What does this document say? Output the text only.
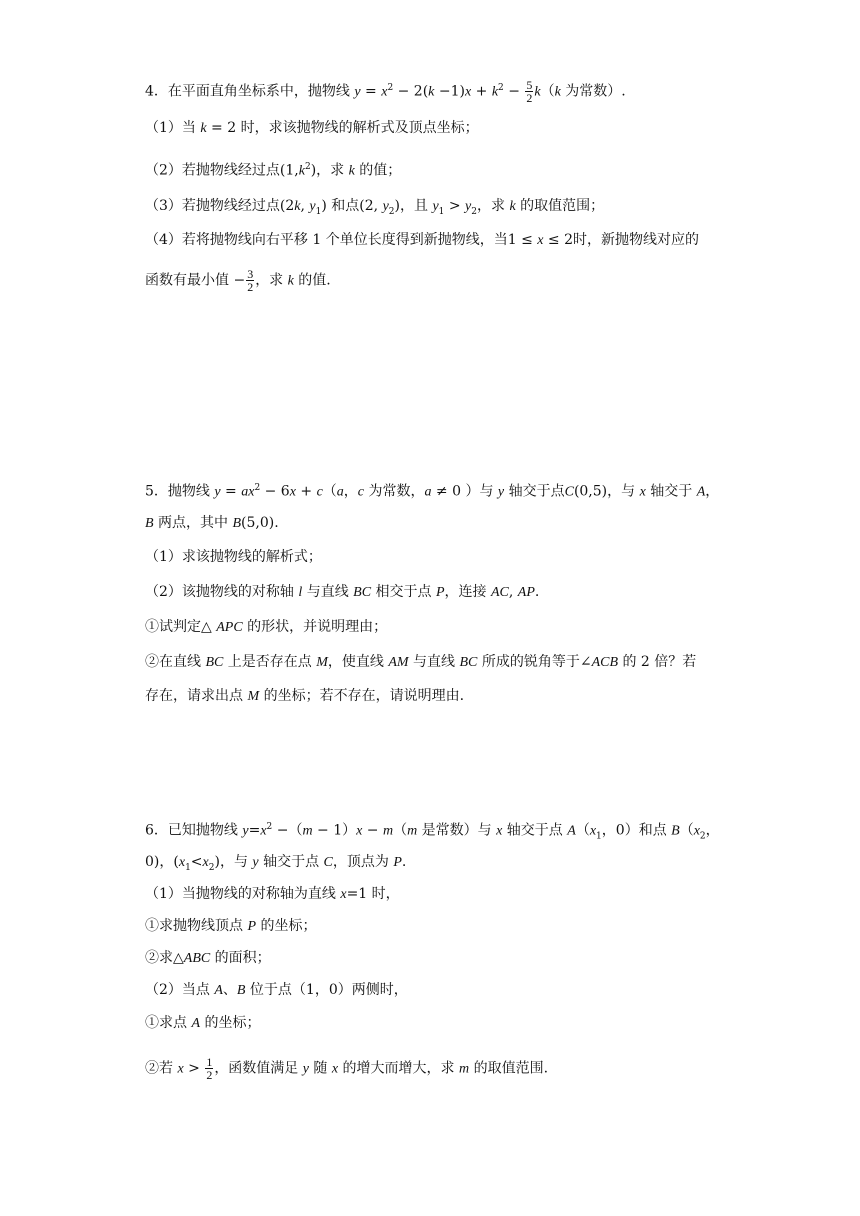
4．在平面直角坐标系中，抛物线 $y = x^2 - 2(k -1)x + k^2 - \frac{5}{2} k(k$ 为常数）.
（1）当 k = 2 时，求该抛物线的解析式及顶点坐标；
（2）若抛物线经过点$(1,k^2)$，求 k 的值；
（3）若抛物线经过点(2k, $y_1$) 和点(2, $y_2$)，且 $y_1 > y_2$，求 k 的取值范围；
（4）若将抛物线向右平移 1 个单位长度得到新抛物线，当1 ≤ x ≤ 2时，新抛物线对应的
函数有最小值 − $\frac{3}{2}$ ，求 k 的值.
5．抛物线 $y = ax^2 - 6x + c(a$，c 为常数，a ≠ 0 ）与 y 轴交于点C(0,5)，与 x 轴交于 A，
B 两点，其中 B(5,0).
（1）求该抛物线的解析式；
（2）该抛物线的对称轴 l 与直线 BC 相交于点 P，连接 AC, AP.
①试判定△ APC 的形状，并说明理由；
②在直线 BC 上是否存在点 M，使直线 AM 与直线 BC 所成的锐角等于∠ACB 的 2 倍？若
存在，请求出点 M 的坐标；若不存在，请说明理由.
6．已知抛物线 $y=x^2 -(m - 1)x - m(m$ 是常数）与 x 轴交于点 $A(x_1$，0）和点 $B(x_2$，
0)，$(x_1<x_2)$，与 y 轴交于点 C，顶点为 P.
（1）当抛物线的对称轴为直线 x=1 时，
①求抛物线顶点 P 的坐标；
②求△ABC 的面积；
（2）当点 A、B 位于点（1，0）两侧时，
①求点 A 的坐标；
②若 $x > \frac{1}{2}$ ，函数值满足 y 随 x 的增大而增大，求 m 的取值范围.
